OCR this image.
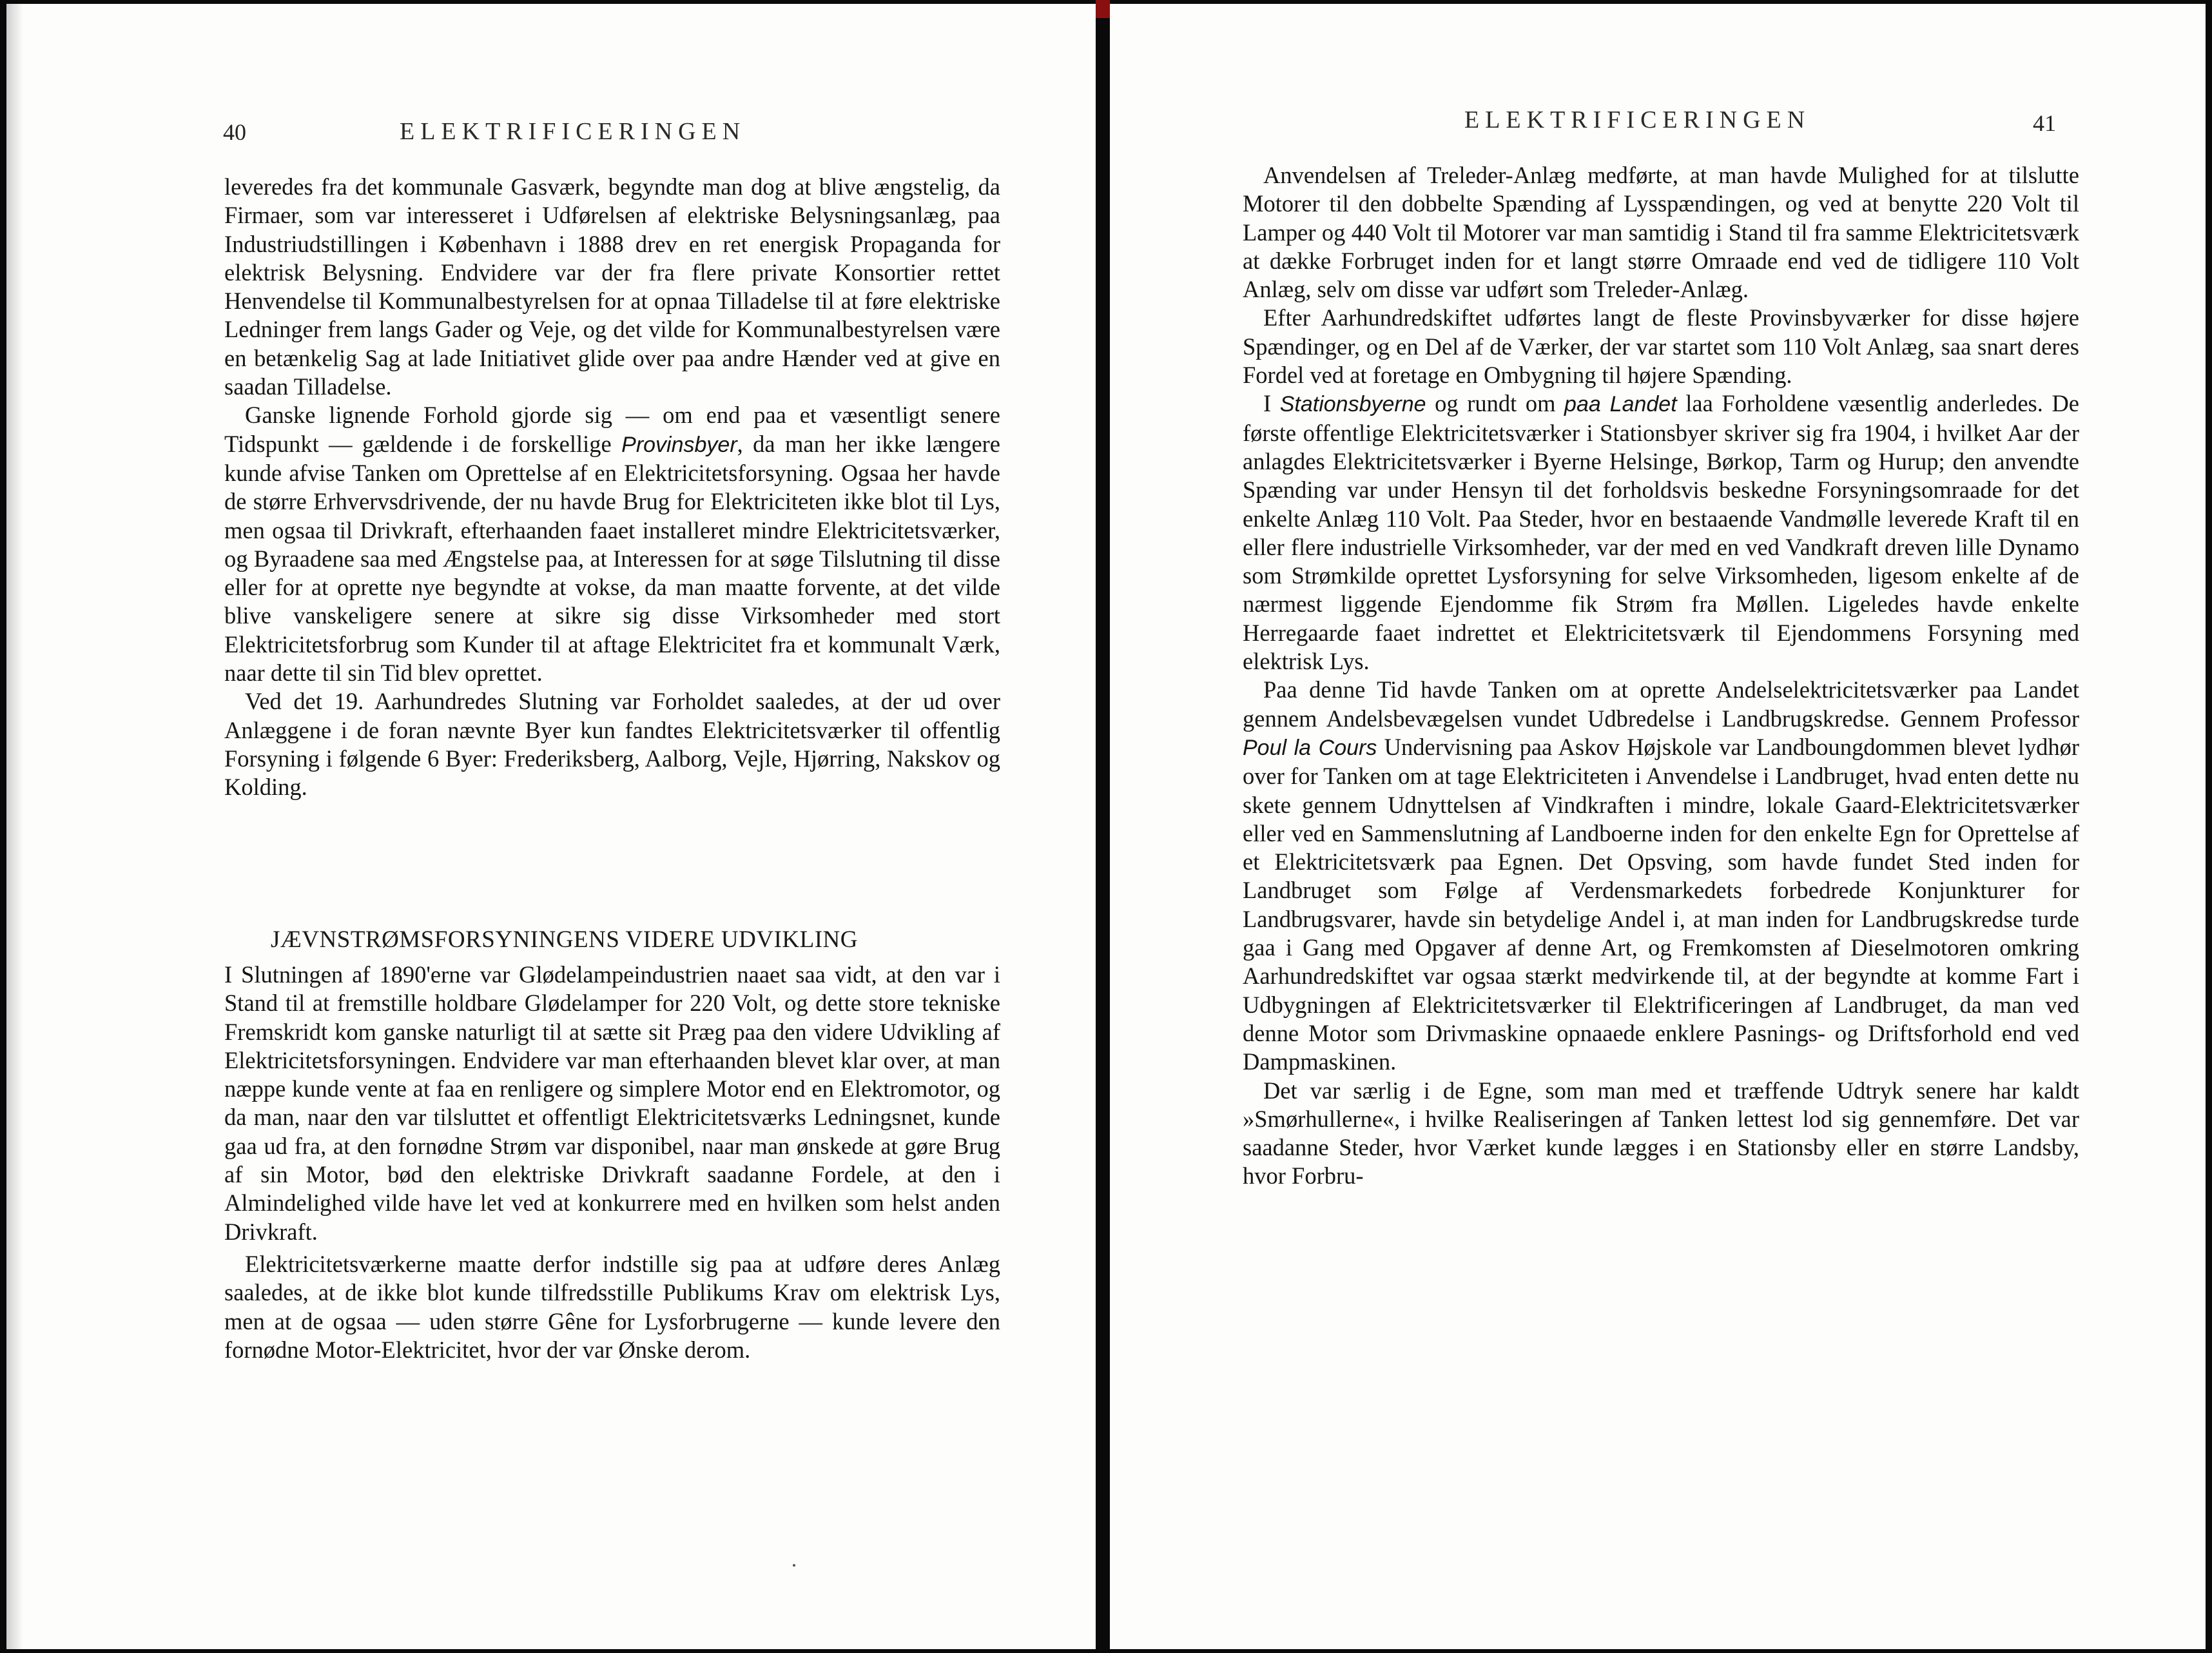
40	ELEKTRIFICERINGEN

leveredes fra det kommunale Gasværk, begyndte man dog at blive ængstelig, da Firmaer, som var interesseret i Udførelsen af elektriske Belysningsanlæg, paa Industriudstillingen i København i 1888 drev en ret energisk Propaganda for elektrisk Belysning. Endvidere var der fra flere private Konsortier rettet Henvendelse til Kommunalbestyrelsen for at opnaa Tilladelse til at føre elektriske Ledninger frem langs Gader og Veje, og det vilde for Kommunalbestyrelsen være en betænkelig Sag at lade Initiativet glide over paa andre Hænder ved at give en saadan Tilladelse.

Ganske lignende Forhold gjorde sig — om end paa et væsentligt senere Tidspunkt — gældende i de forskellige Provinsbyer, da man her ikke længere kunde afvise Tanken om Oprettelse af en Elektricitetsforsyning. Ogsaa her havde de større Erhvervsdrivende, der nu havde Brug for Elektriciteten ikke blot til Lys, men ogsaa til Drivkraft, efterhaanden faaet installeret mindre Elektricitetsværker, og Byraadene saa med Ængstelse paa, at Interessen for at søge Tilslutning til disse eller for at oprette nye begyndte at vokse, da man maatte forvente, at det vilde blive vanskeligere senere at sikre sig disse Virksomheder med stort Elektricitetsforbrug som Kunder til at aftage Elektricitet fra et kommunalt Værk, naar dette til sin Tid blev oprettet.

Ved det 19. Aarhundredes Slutning var Forholdet saaledes, at der ud over Anlæggene i de foran nævnte Byer kun fandtes Elektricitetsværker til offentlig Forsyning i følgende 6 Byer: Frederiksberg, Aalborg, Vejle, Hjørring, Nakskov og Kolding.

JÆVNSTRØMSFORSYNINGENS VIDERE UDVIKLING

I Slutningen af 1890'erne var Glødelampeindustrien naaet saa vidt, at den var i Stand til at fremstille holdbare Glødelamper for 220 Volt, og dette store tekniske Fremskridt kom ganske naturligt til at sætte sit Præg paa den videre Udvikling af Elektricitetsforsyningen. Endvidere var man efterhaanden blevet klar over, at man næppe kunde vente at faa en renligere og simplere Motor end en Elektromotor, og da man, naar den var tilsluttet et offentligt Elektricitetsværks Ledningsnet, kunde gaa ud fra, at den fornødne Strøm var disponibel, naar man ønskede at gøre Brug af sin Motor, bød den elektriske Drivkraft saadanne Fordele, at den i Almindelighed vilde have let ved at konkurrere med en hvilken som helst anden Drivkraft.

Elektricitetsværkerne maatte derfor indstille sig paa at udføre deres Anlæg saaledes, at de ikke blot kunde tilfredsstille Publikums Krav om elektrisk Lys, men at de ogsaa — uden større Gêne for Lysforbrugerne — kunde levere den fornødne Motor-Elektricitet, hvor der var Ønske derom.

ELEKTRIFICERINGEN	41

Anvendelsen af Treleder-Anlæg medførte, at man havde Mulighed for at tilslutte Motorer til den dobbelte Spænding af Lysspændingen, og ved at benytte 220 Volt til Lamper og 440 Volt til Motorer var man samtidig i Stand til fra samme Elektricitetsværk at dække Forbruget inden for et langt større Omraade end ved de tidligere 110 Volt Anlæg, selv om disse var udført som Treleder-Anlæg.

Efter Aarhundredskiftet udførtes langt de fleste Provinsbyværker for disse højere Spændinger, og en Del af de Værker, der var startet som 110 Volt Anlæg, saa snart deres Fordel ved at foretage en Ombygning til højere Spænding.

I Stationsbyerne og rundt om paa Landet laa Forholdene væsentlig anderledes. De første offentlige Elektricitetsværker i Stationsbyer skriver sig fra 1904, i hvilket Aar der anlagdes Elektricitetsværker i Byerne Helsinge, Børkop, Tarm og Hurup; den anvendte Spænding var under Hensyn til det forholdsvis beskedne Forsyningsomraade for det enkelte Anlæg 110 Volt. Paa Steder, hvor en bestaaende Vandmølle leverede Kraft til en eller flere industrielle Virksomheder, var der med en ved Vandkraft dreven lille Dynamo som Strømkilde oprettet Lysforsyning for selve Virksomheden, ligesom enkelte af de nærmest liggende Ejendomme fik Strøm fra Møllen. Ligeledes havde enkelte Herregaarde faaet indrettet et Elektricitetsværk til Ejendommens Forsyning med elektrisk Lys.

Paa denne Tid havde Tanken om at oprette Andelselektricitetsværker paa Landet gennem Andelsbevægelsen vundet Udbredelse i Landbrugskredse. Gennem Professor Poul la Cours Undervisning paa Askov Højskole var Landboungdommen blevet lydhør over for Tanken om at tage Elektriciteten i Anvendelse i Landbruget, hvad enten dette nu skete gennem Udnyttelsen af Vindkraften i mindre, lokale Gaard-Elektricitetsværker eller ved en Sammenslutning af Landboerne inden for den enkelte Egn for Oprettelse af et Elektricitetsværk paa Egnen. Det Opsving, som havde fundet Sted inden for Landbruget som Følge af Verdensmarkedets forbedrede Konjunkturer for Landbrugsvarer, havde sin betydelige Andel i, at man inden for Landbrugskredse turde gaa i Gang med Opgaver af denne Art, og Fremkomsten af Dieselmotoren omkring Aarhundredskiftet var ogsaa stærkt medvirkende til, at der begyndte at komme Fart i Udbygningen af Elektricitetsværker til Elektrificeringen af Landbruget, da man ved denne Motor som Drivmaskine opnaaede enklere Pasnings- og Driftsforhold end ved Dampmaskinen.

Det var særlig i de Egne, som man med et træffende Udtryk senere har kaldt »Smørhullerne«, i hvilke Realiseringen af Tanken lettest lod sig gennemføre. Det var saadanne Steder, hvor Værket kunde lægges i en Stationsby eller en større Landsby, hvor Forbru-
